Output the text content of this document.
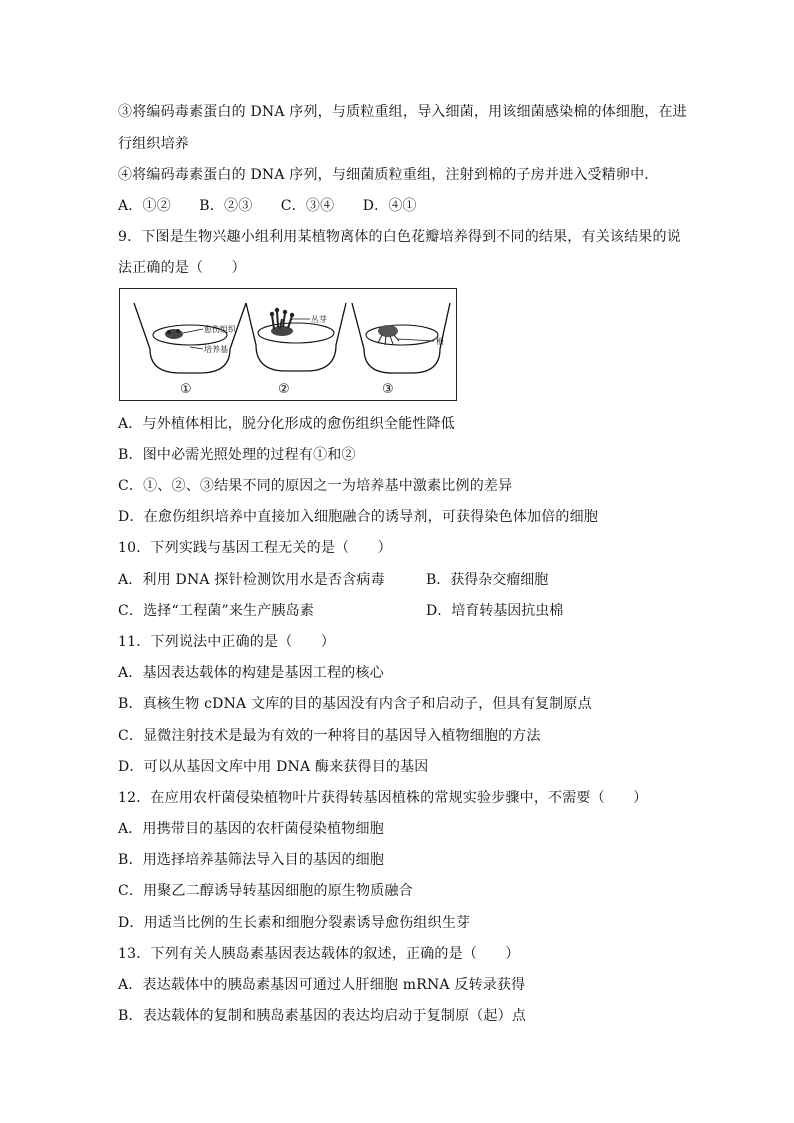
③将编码毒素蛋白的 DNA 序列，与质粒重组，导入细菌，用该细菌感染棉的体细胞，在进
行组织培养
④将编码毒素蛋白的 DNA 序列，与细菌质粒重组，注射到棉的子房并进入受精卵中．
A．①②　　B．②③　　C．③④　　D．④①
9．下图是生物兴趣小组利用某植物离体的白色花瓣培养得到不同的结果，有关该结果的说
法正确的是（　　）
愈伤组织
培养基
①
丛芽
②
根
③
A．与外植体相比，脱分化形成的愈伤组织全能性降低
B．图中必需光照处理的过程有①和②
C．①、②、③结果不同的原因之一为培养基中激素比例的差异
D．在愈伤组织培养中直接加入细胞融合的诱导剂，可获得染色体加倍的细胞
10．下列实践与基因工程无关的是（　　）
A．利用 DNA 探针检测饮用水是否含病毒	B．获得杂交瘤细胞
C．选择“工程菌”来生产胰岛素	D．培育转基因抗虫棉
11．下列说法中正确的是（　　）
A．基因表达载体的构建是基因工程的核心
B．真核生物 cDNA 文库的目的基因没有内含子和启动子，但具有复制原点
C．显微注射技术是最为有效的一种将目的基因导入植物细胞的方法
D．可以从基因文库中用 DNA 酶来获得目的基因
12．在应用农杆菌侵染植物叶片获得转基因植株的常规实验步骤中，不需要（　　）
A．用携带目的基因的农杆菌侵染植物细胞
B．用选择培养基筛法导入目的基因的细胞
C．用聚乙二醇诱导转基因细胞的原生物质融合
D．用适当比例的生长素和细胞分裂素诱导愈伤组织生芽
13．下列有关人胰岛素基因表达载体的叙述，正确的是（　　）
A．表达载体中的胰岛素基因可通过人肝细胞 mRNA 反转录获得
B．表达载体的复制和胰岛素基因的表达均启动于复制原（起）点
